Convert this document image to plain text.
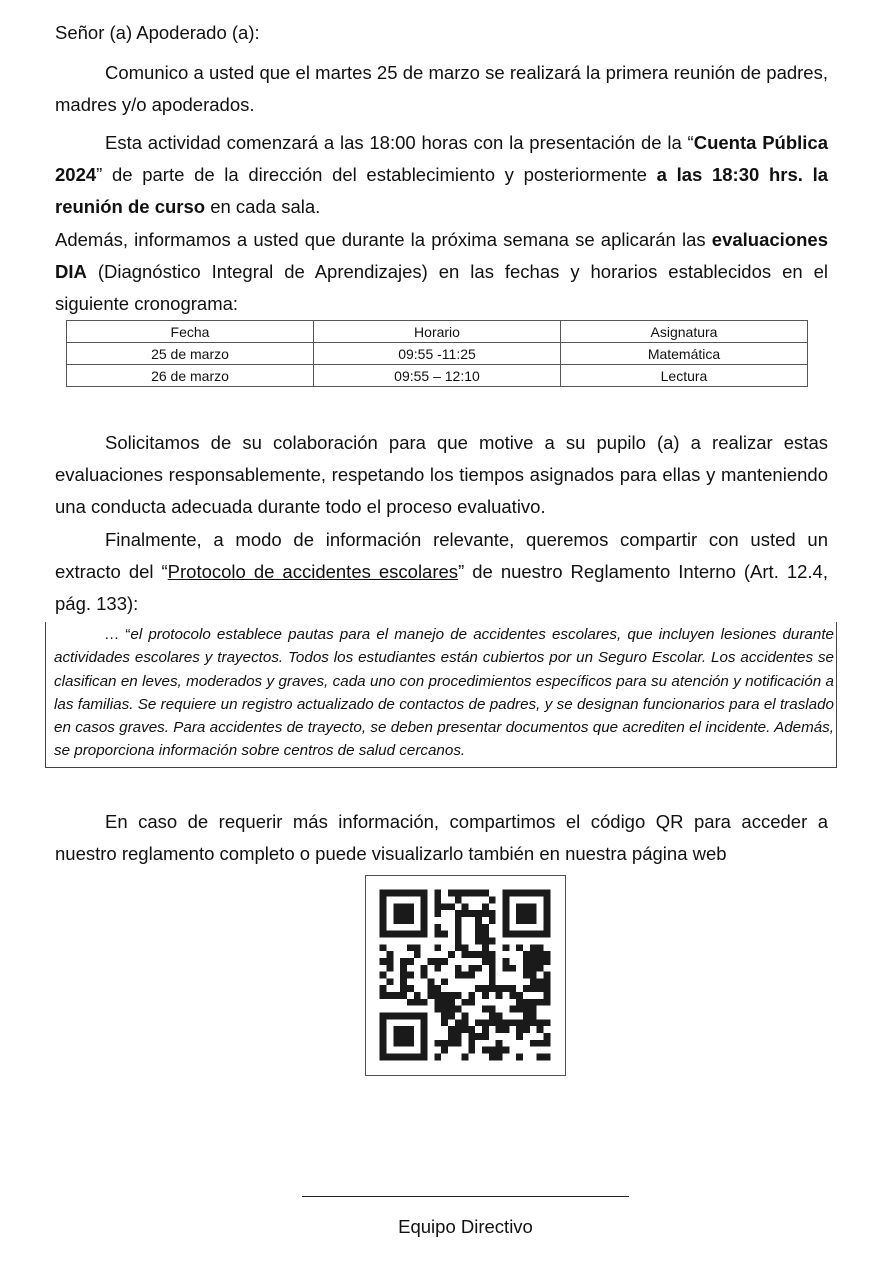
Señor (a) Apoderado (a):

Comunico a usted que el martes 25 de marzo se realizará la primera reunión de padres, madres y/o apoderados.

Esta actividad comenzará a las 18:00 horas con la presentación de la “Cuenta Pública 2024” de parte de la dirección del establecimiento y posteriormente a las 18:30 hrs. la reunión de curso en cada sala.

Además, informamos a usted que durante la próxima semana se aplicarán las evaluaciones DIA (Diagnóstico Integral de Aprendizajes) en las fechas y horarios establecidos en el siguiente cronograma:

Fecha	Horario	Asignatura
25 de marzo	09:55 -11:25	Matemática
26 de marzo	09:55 – 12:10	Lectura

Solicitamos de su colaboración para que motive a su pupilo (a) a realizar estas evaluaciones responsablemente, respetando los tiempos asignados para ellas y manteniendo una conducta adecuada durante todo el proceso evaluativo.

Finalmente, a modo de información relevante, queremos compartir con usted un extracto del “Protocolo de accidentes escolares” de nuestro Reglamento Interno (Art. 12.4, pág. 133):

… “el protocolo establece pautas para el manejo de accidentes escolares, que incluyen lesiones durante actividades escolares y trayectos. Todos los estudiantes están cubiertos por un Seguro Escolar. Los accidentes se clasifican en leves, moderados y graves, cada uno con procedimientos específicos para su atención y notificación a las familias. Se requiere un registro actualizado de contactos de padres, y se designan funcionarios para el traslado en casos graves. Para accidentes de trayecto, se deben presentar documentos que acrediten el incidente. Además, se proporciona información sobre centros de salud cercanos.

En caso de requerir más información, compartimos el código QR para acceder a nuestro reglamento completo o puede visualizarlo también en nuestra página web

Equipo Directivo
